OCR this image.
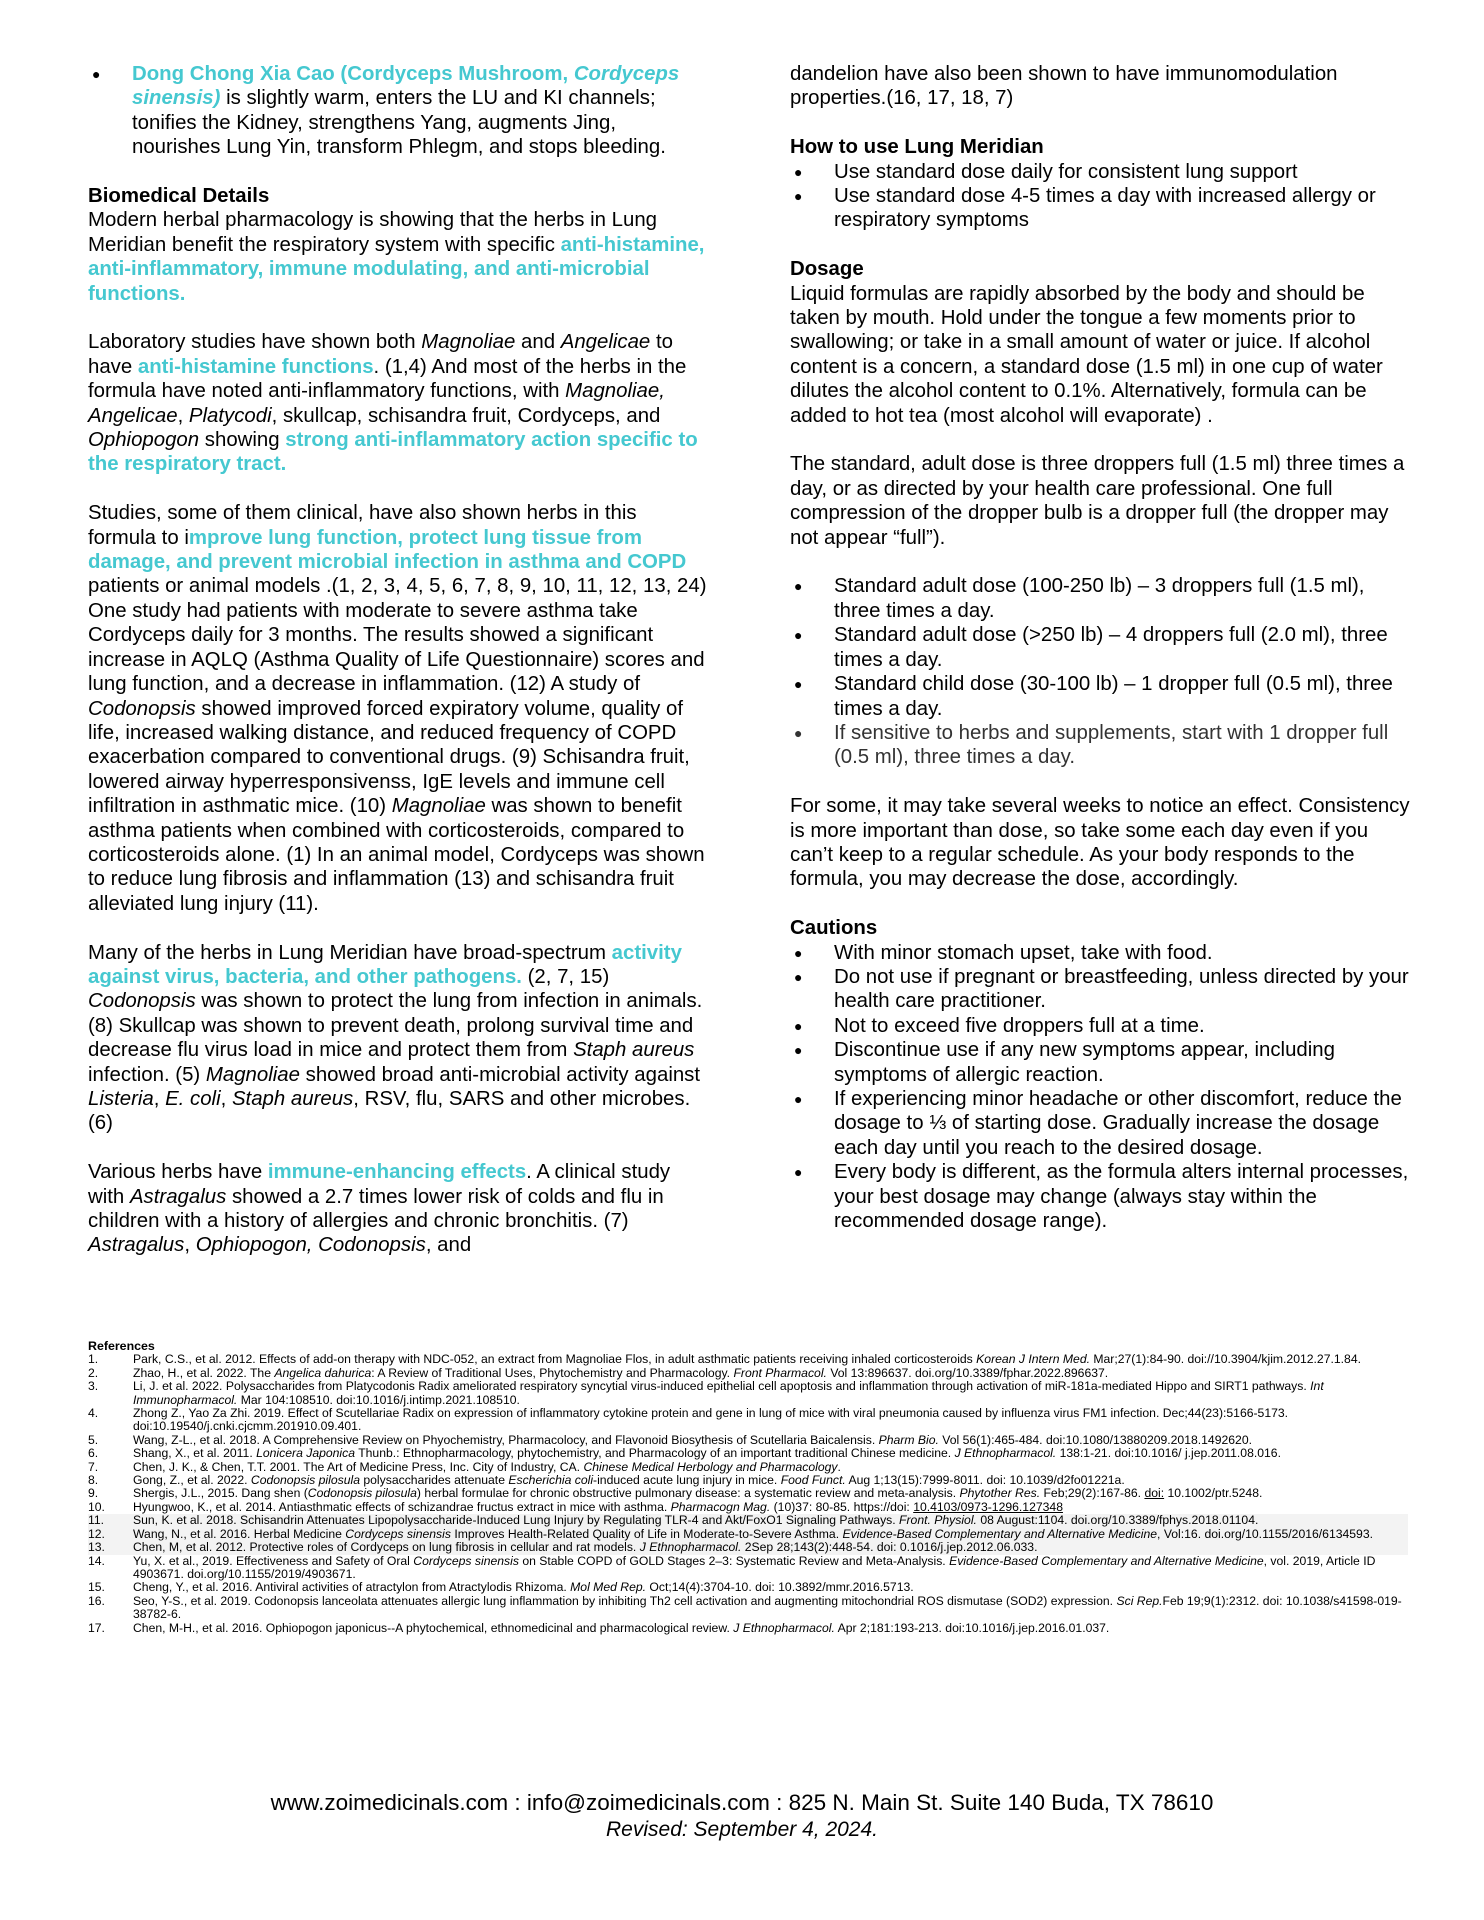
● Dong Chong Xia Cao (Cordyceps Mushroom, Cordyceps sinensis) is slightly warm, enters the LU and KI channels; tonifies the Kidney, strengthens Yang, augments Jing, nourishes Lung Yin, transform Phlegm, and stops bleeding.

Biomedical Details

Modern herbal pharmacology is showing that the herbs in Lung Meridian benefit the respiratory system with specific anti-histamine, anti-inflammatory, immune modulating, and anti-microbial functions.

Laboratory studies have shown both Magnoliae and Angelicae to have anti-histamine functions. (1,4) And most of the herbs in the formula have noted anti-inflammatory functions, with Magnoliae, Angelicae, Platycodi, skullcap, schisandra fruit, Cordyceps, and Ophiopogon showing strong anti-inflammatory action specific to the respiratory tract.

Studies, some of them clinical, have also shown herbs in this formula to improve lung function, protect lung tissue from damage, and prevent microbial infection in asthma and COPD patients or animal models .(1, 2, 3, 4, 5, 6, 7, 8, 9, 10, 11, 12, 13, 24) One study had patients with moderate to severe asthma take Cordyceps daily for 3 months. The results showed a significant increase in AQLQ (Asthma Quality of Life Questionnaire) scores and lung function, and a decrease in inflammation. (12) A study of Codonopsis showed improved forced expiratory volume, quality of life, increased walking distance, and reduced frequency of COPD exacerbation compared to conventional drugs. (9) Schisandra fruit, lowered airway hyperresponsivenss, IgE levels and immune cell infiltration in asthmatic mice. (10) Magnoliae was shown to benefit asthma patients when combined with corticosteroids, compared to corticosteroids alone. (1) In an animal model, Cordyceps was shown to reduce lung fibrosis and inflammation (13) and schisandra fruit alleviated lung injury (11).

Many of the herbs in Lung Meridian have broad-spectrum activity against virus, bacteria, and other pathogens. (2, 7, 15) Codonopsis was shown to protect the lung from infection in animals. (8) Skullcap was shown to prevent death, prolong survival time and decrease flu virus load in mice and protect them from Staph aureus infection. (5) Magnoliae showed broad anti-microbial activity against Listeria, E. coli, Staph aureus, RSV, flu, SARS and other microbes. (6)

Various herbs have immune-enhancing effects. A clinical study with Astragalus showed a 2.7 times lower risk of colds and flu in children with a history of allergies and chronic bronchitis. (7) Astragalus, Ophiopogon, Codonopsis, and

dandelion have also been shown to have immunomodulation properties.(16, 17, 18, 7)

How to use Lung Meridian

● Use standard dose daily for consistent lung support
● Use standard dose 4-5 times a day with increased allergy or respiratory symptoms

Dosage

Liquid formulas are rapidly absorbed by the body and should be taken by mouth. Hold under the tongue a few moments prior to swallowing; or take in a small amount of water or juice. If alcohol content is a concern, a standard dose (1.5 ml) in one cup of water dilutes the alcohol content to 0.1%. Alternatively, formula can be added to hot tea (most alcohol will evaporate) .

The standard, adult dose is three droppers full (1.5 ml) three times a day, or as directed by your health care professional. One full compression of the dropper bulb is a dropper full (the dropper may not appear “full”).

● Standard adult dose (100-250 lb) – 3 droppers full (1.5 ml), three times a day.
● Standard adult dose (>250 lb) – 4 droppers full (2.0 ml), three times a day.
● Standard child dose (30-100 lb) – 1 dropper full (0.5 ml), three times a day.
● If sensitive to herbs and supplements, start with 1 dropper full (0.5 ml), three times a day.

For some, it may take several weeks to notice an effect. Consistency is more important than dose, so take some each day even if you can’t keep to a regular schedule. As your body responds to the formula, you may decrease the dose, accordingly.

Cautions

● With minor stomach upset, take with food.
● Do not use if pregnant or breastfeeding, unless directed by your health care practitioner.
● Not to exceed five droppers full at a time.
● Discontinue use if any new symptoms appear, including symptoms of allergic reaction.
● If experiencing minor headache or other discomfort, reduce the dosage to ⅓ of starting dose. Gradually increase the dosage each day until you reach to the desired dosage.
● Every body is different, as the formula alters internal processes, your best dosage may change (always stay within the recommended dosage range).
References
1.	Park, C.S., et al. 2012. Effects of add-on therapy with NDC-052, an extract from Magnoliae Flos, in adult asthmatic patients receiving inhaled corticosteroids Korean J Intern Med. Mar;27(1):84-90. doi://10.3904/kjim.2012.27.1.84.
2.	Zhao, H., et al. 2022. The Angelica dahurica: A Review of Traditional Uses, Phytochemistry and Pharmacology. Front Pharmacol. Vol 13:896637. doi.org/10.3389/fphar.2022.896637.
3.	Li, J. et al. 2022. Polysaccharides from Platycodonis Radix ameliorated respiratory syncytial virus-induced epithelial cell apoptosis and inflammation through activation of miR-181a-mediated Hippo and SIRT1 pathways. Int Immunopharmacol. Mar 104:108510. doi:10.1016/j.intimp.2021.108510.
4.	Zhong Z., Yao Za Zhi. 2019. Effect of Scutellariae Radix on expression of inflammatory cytokine protein and gene in lung of mice with viral pneumonia caused by influenza virus FM1 infection. Dec;44(23):5166-5173. doi:10.19540/j.cnki.cjcmm.201910.09.401.
5.	Wang, Z-L., et al. 2018. A Comprehensive Review on Phyochemistry, Pharmacolocy, and Flavonoid Biosythesis of Scutellaria Baicalensis. Pharm Bio. Vol 56(1):465-484. doi:10.1080/13880209.2018.1492620.
6.	Shang, X., et al. 2011. Lonicera Japonica Thunb.: Ethnopharmacology, phytochemistry, and Pharmacology of an important traditional Chinese medicine. J Ethnopharmacol. 138:1-21. doi:10.1016/ j.jep.2011.08.016.
7.	Chen, J. K., & Chen, T.T. 2001. The Art of Medicine Press, Inc. City of Industry, CA. Chinese Medical Herbology and Pharmacology.
8.	Gong, Z., et al. 2022. Codonopsis pilosula polysaccharides attenuate Escherichia coli-induced acute lung injury in mice. Food Funct. Aug 1;13(15):7999-8011. doi: 10.1039/d2fo01221a.
9.	Shergis, J.L., 2015. Dang shen (Codonopsis pilosula) herbal formulae for chronic obstructive pulmonary disease: a systematic review and meta-analysis. Phytother Res. Feb;29(2):167-86. doi: 10.1002/ptr.5248.
10. Hyungwoo, K., et al. 2014. Antiasthmatic effects of schizandrae fructus extract in mice with asthma. Pharmacogn Mag. (10)37: 80-85. https://doi: 10.4103/0973-1296.127348
11. Sun, K. et al. 2018. Schisandrin Attenuates Lipopolysaccharide-Induced Lung Injury by Regulating TLR-4 and Akt/FoxO1 Signaling Pathways. Front. Physiol. 08 August:1104. doi.org/10.3389/fphys.2018.01104.
12. Wang, N., et al. 2016. Herbal Medicine Cordyceps sinensis Improves Health-Related Quality of Life in Moderate-to-Severe Asthma. Evidence-Based Complementary and Alternative Medicine, Vol:16. doi.org/10.1155/2016/6134593.
13. Chen, M, et al. 2012. Protective roles of Cordyceps on lung fibrosis in cellular and rat models. J Ethnopharmacol. 2Sep 28;143(2):448-54. doi: 0.1016/j.jep.2012.06.033.
14. Yu, X. et al., 2019. Effectiveness and Safety of Oral Cordyceps sinensis on Stable COPD of GOLD Stages 2–3: Systematic Review and Meta-Analysis. Evidence-Based Complementary and Alternative Medicine, vol. 2019, Article ID 4903671. doi.org/10.1155/2019/4903671.
15. Cheng, Y., et al. 2016. Antiviral activities of atractylon from Atractylodis Rhizoma. Mol Med Rep. Oct;14(4):3704-10. doi: 10.3892/mmr.2016.5713.
16. Seo, Y-S., et al. 2019. Codonopsis lanceolata attenuates allergic lung inflammation by inhibiting Th2 cell activation and augmenting mitochondrial ROS dismutase (SOD2) expression. Sci Rep.Feb 19;9(1):2312. doi: 10.1038/s41598-019-38782-6.
17. Chen, M-H., et al. 2016. Ophiopogon japonicus--A phytochemical, ethnomedicinal and pharmacological review. J Ethnopharmacol. Apr 2;181:193-213. doi:10.1016/j.jep.2016.01.037.
www.zoimedicinals.com : info@zoimedicinals.com : 825 N. Main St. Suite 140 Buda, TX 78610
Revised: September 4, 2024.
